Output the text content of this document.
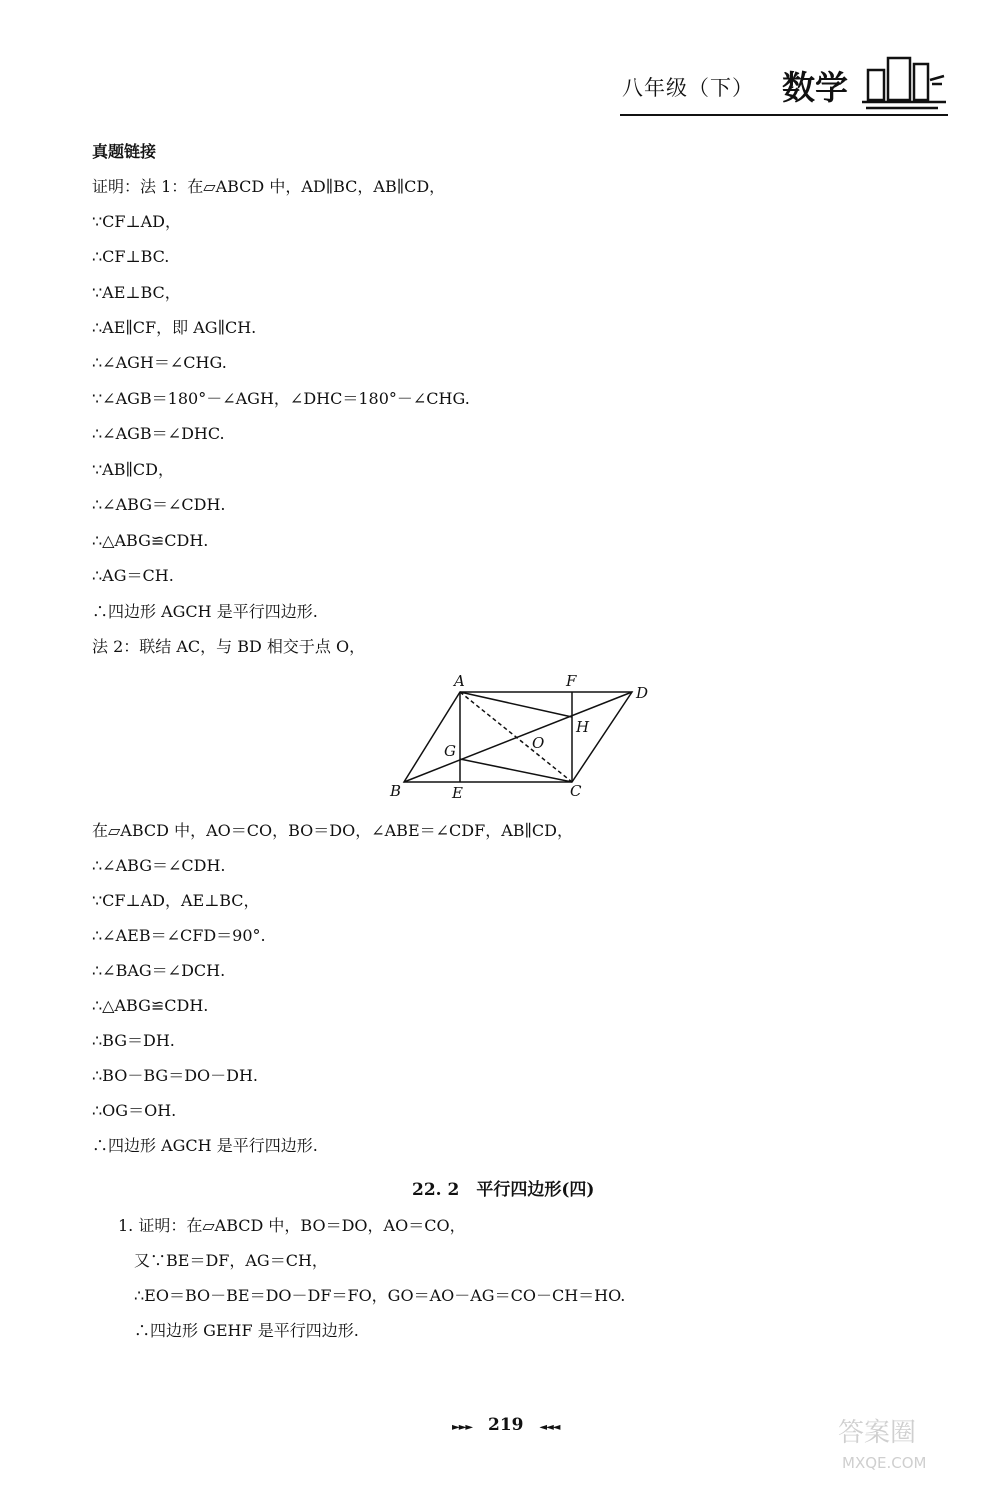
八年级（下） 数学
真题链接
证明：法 1：在▱ABCD 中，AD∥BC，AB∥CD，
∵CF⊥AD，
∴CF⊥BC.
∵AE⊥BC，
∴AE∥CF，即 AG∥CH.
∴∠AGH＝∠CHG.
∵∠AGB＝180°－∠AGH，∠DHC＝180°－∠CHG.
∴∠AGB＝∠DHC.
∵AB∥CD，
∴∠ABG＝∠CDH.
∴△ABG≌CDH.
∴AG＝CH.
∴四边形 AGCH 是平行四边形.
法 2：联结 AC，与 BD 相交于点 O，
A	F
D
H
G	O
B	E	C
在▱ABCD 中，AO＝CO，BO＝DO，∠ABE＝∠CDF，AB∥CD，
∴∠ABG＝∠CDH.
∵CF⊥AD，AE⊥BC，
∴∠AEB＝∠CFD＝90°.
∴∠BAG＝∠DCH.
∴△ABG≌CDH.
∴BG＝DH.
∴BO－BG＝DO－DH.
∴OG＝OH.
∴四边形 AGCH 是平行四边形.
22. 2　平行四边形(四)
1. 证明：在▱ABCD 中，BO＝DO，AO＝CO，
又∵BE＝DF，AG＝CH，
∴EO＝BO－BE＝DO－DF＝FO，GO＝AO－AG＝CO－CH＝HO.
∴四边形 GEHF 是平行四边形.
►►► 219 ◄◄◄	答案圈
MXQE.COM
